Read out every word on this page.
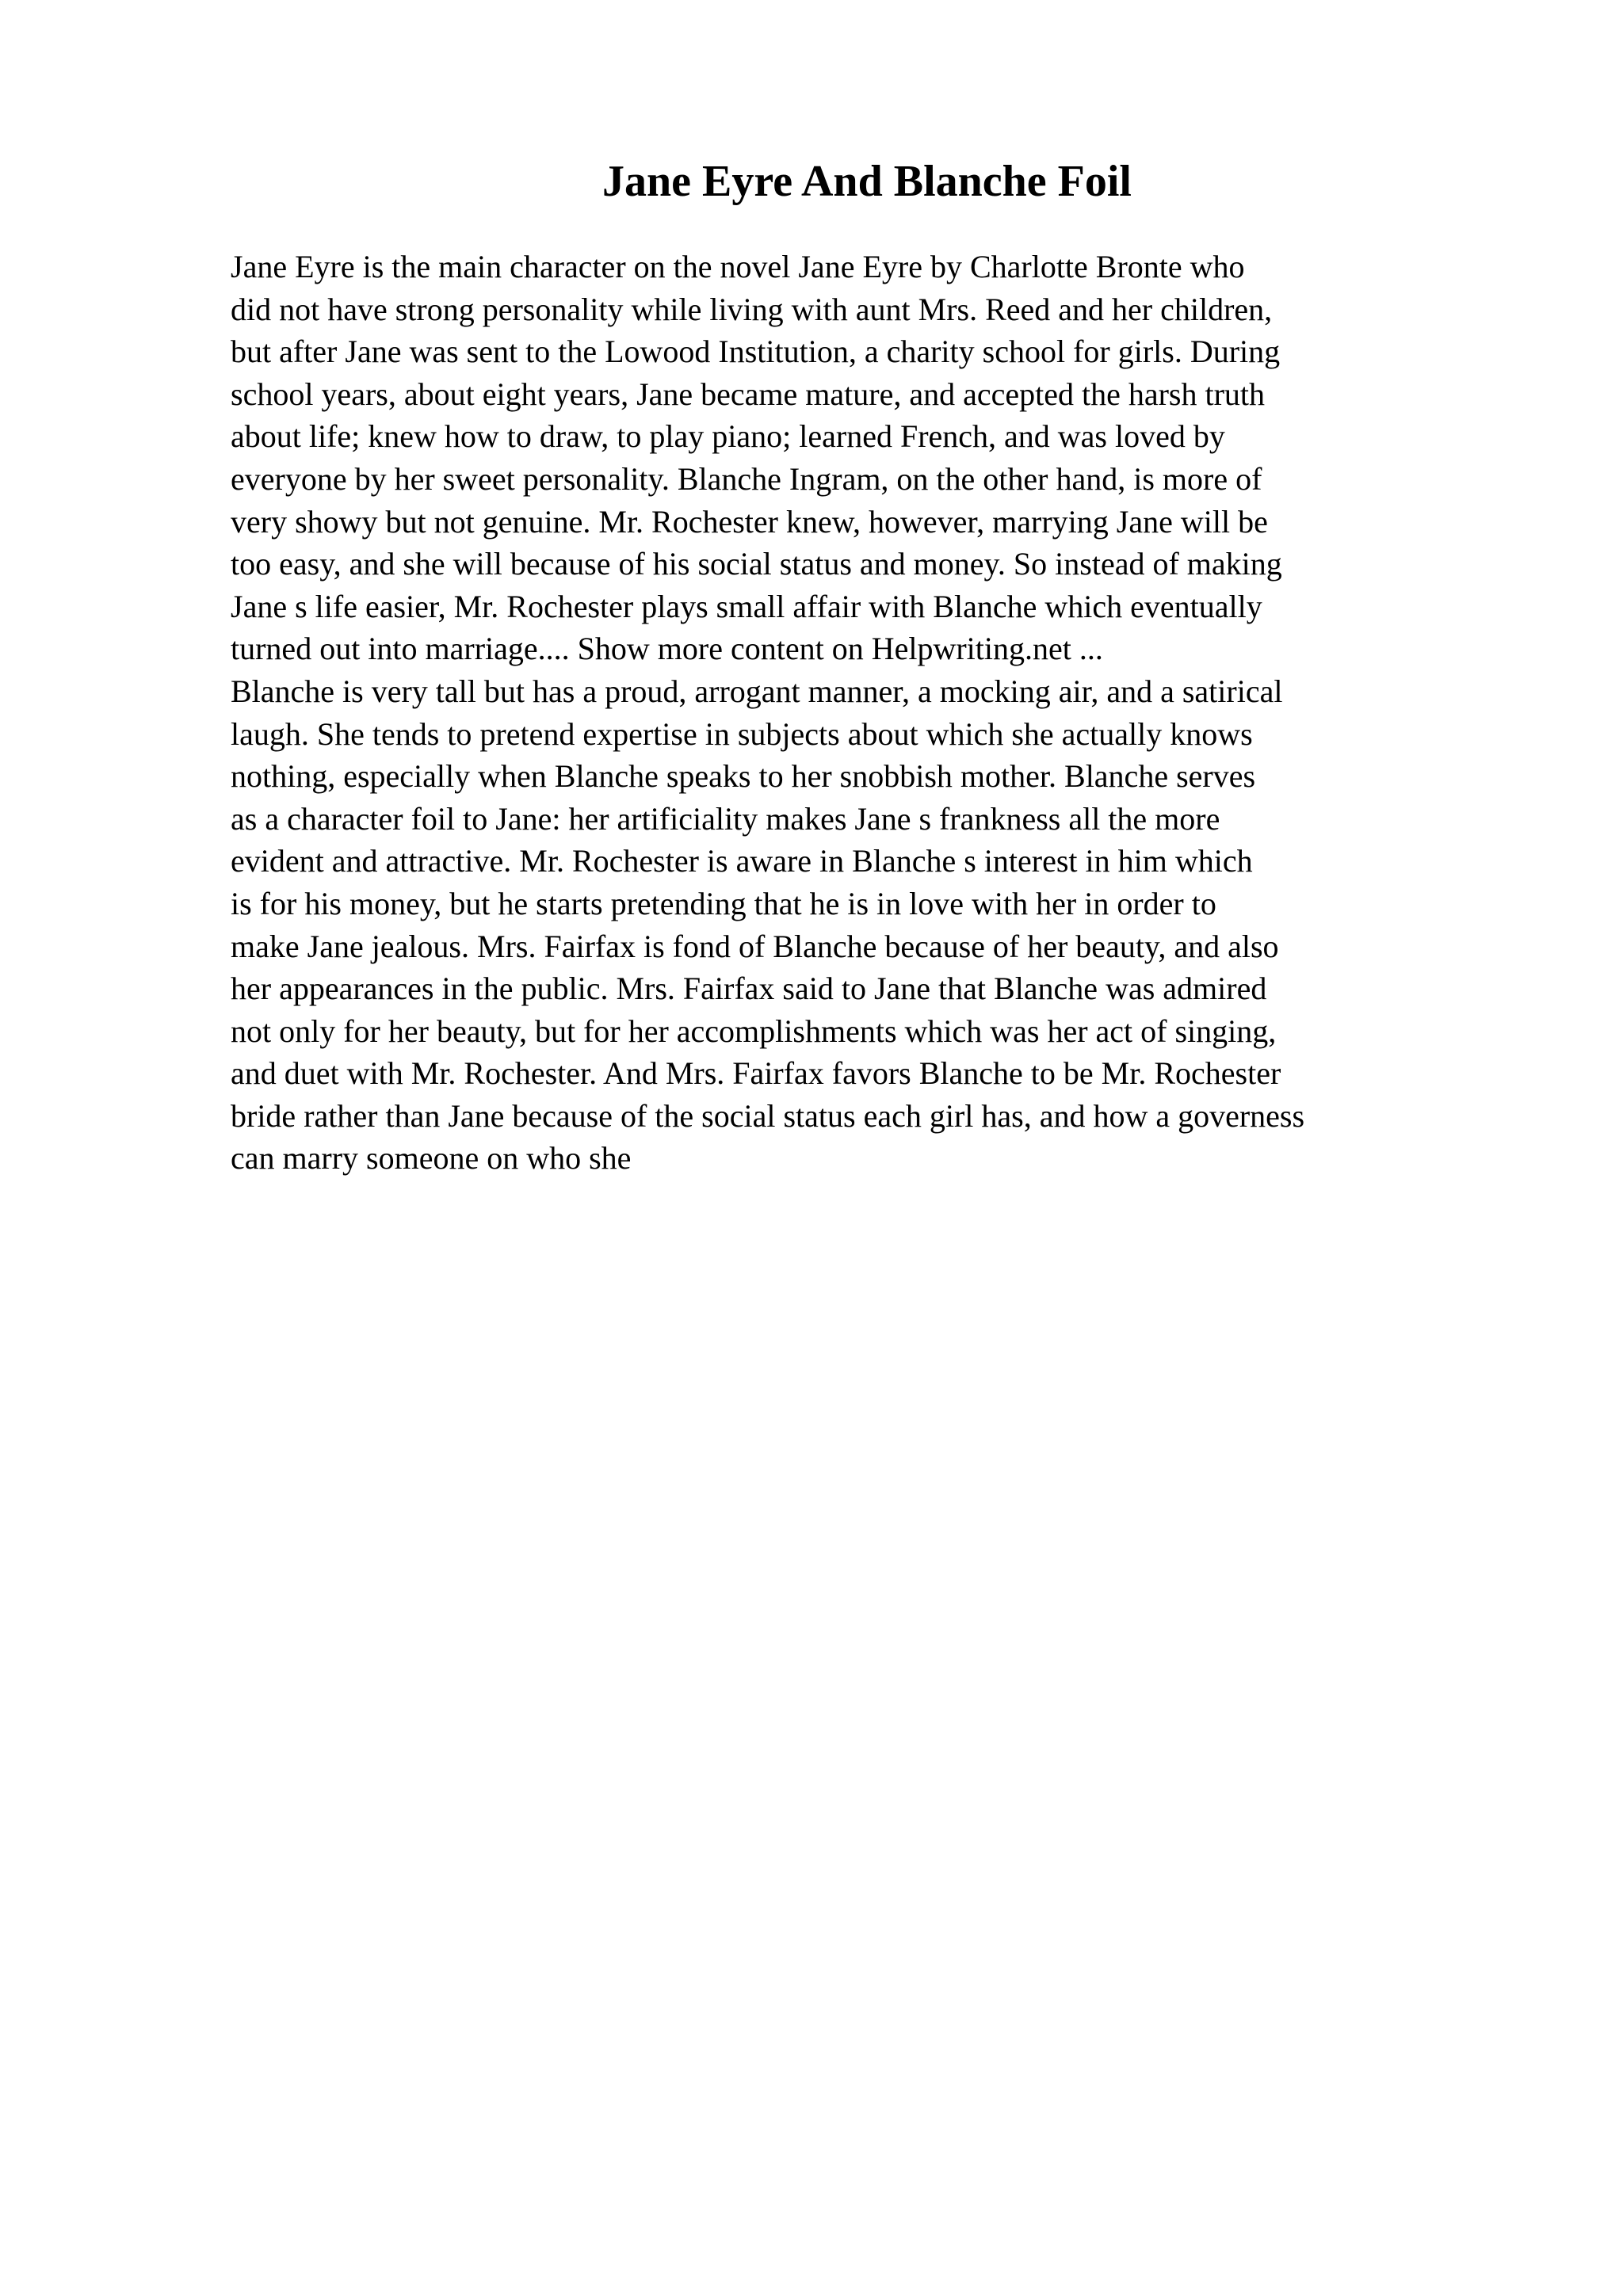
Jane Eyre And Blanche Foil
Jane Eyre is the main character on the novel Jane Eyre by Charlotte Bronte who
did not have strong personality while living with aunt Mrs. Reed and her children,
but after Jane was sent to the Lowood Institution, a charity school for girls. During
school years, about eight years, Jane became mature, and accepted the harsh truth
about life; knew how to draw, to play piano; learned French, and was loved by
everyone by her sweet personality. Blanche Ingram, on the other hand, is more of
very showy but not genuine. Mr. Rochester knew, however, marrying Jane will be
too easy, and she will because of his social status and money. So instead of making
Jane s life easier, Mr. Rochester plays small affair with Blanche which eventually
turned out into marriage.... Show more content on Helpwriting.net ...
Blanche is very tall but has a proud, arrogant manner, a mocking air, and a satirical
laugh. She tends to pretend expertise in subjects about which she actually knows
nothing, especially when Blanche speaks to her snobbish mother. Blanche serves
as a character foil to Jane: her artificiality makes Jane s frankness all the more
evident and attractive. Mr. Rochester is aware in Blanche s interest in him which
is for his money, but he starts pretending that he is in love with her in order to
make Jane jealous. Mrs. Fairfax is fond of Blanche because of her beauty, and also
her appearances in the public. Mrs. Fairfax said to Jane that Blanche was admired
not only for her beauty, but for her accomplishments which was her act of singing,
and duet with Mr. Rochester. And Mrs. Fairfax favors Blanche to be Mr. Rochester
bride rather than Jane because of the social status each girl has, and how a governess
can marry someone on who she
